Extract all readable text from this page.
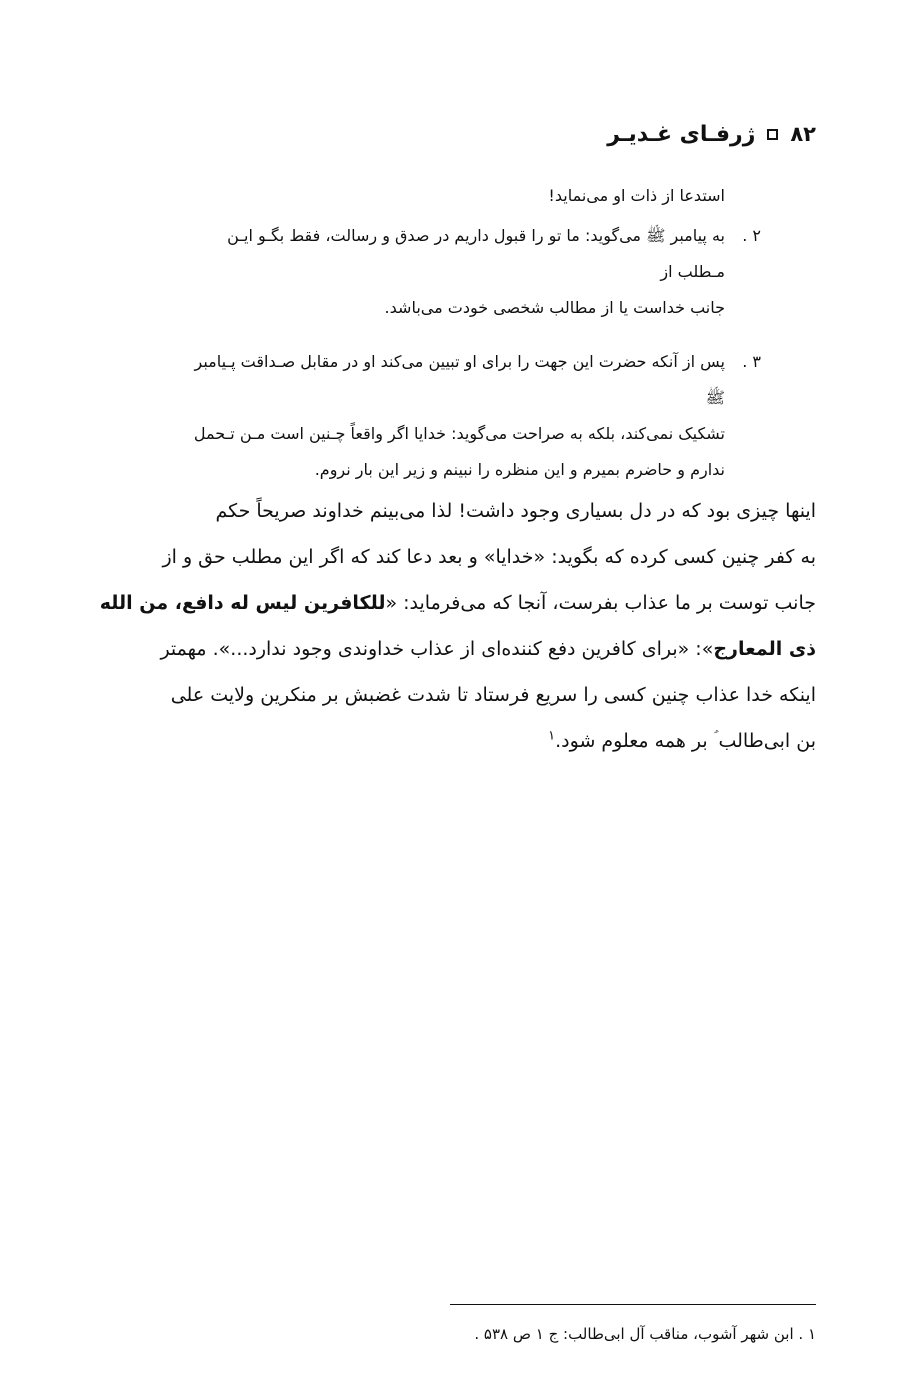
۸۲
ژرفـای غـدیـر

استدعا از ذات او می‌نماید!

۲ .
به پیامبر ﷺ می‌گوید: ما تو را قبول داریم در صدق و رسالت، فقط بگـو ایـن مـطلب از
جانب خداست یا از مطالب شخصی خودت می‌باشد.
۳ .
پس از آنکه حضرت این جهت را برای او تبیین می‌کند او در مقابل صـداقت پـیامبر ﷺ
تشکیک نمی‌کند، بلکه به صراحت می‌گوید: خدایا اگر واقعاً چـنین است مـن تـحمل
ندارم و حاضرم بمیرم و این منظره را نبینم و زیر این بار نروم.

اینها چیزی بود که در دل بسیاری وجود داشت! لذا می‌بینم خداوند صریحاً حکم

به کفر چنین کسی کرده که بگوید: «خدایا» و بعد دعا کند که اگر این مطلب حق و از

جانب توست بر ما عذاب بفرست، آنجا که می‌فرماید: «للکافرین لیس له دافع، من الله

ذی المعارج»: «برای کافرین دفع کننده‌ای از عذاب خداوندی وجود ندارد...». مهمتر

اینکه خدا عذاب چنین کسی را سریع فرستاد تا شدت غضبش بر منکرین ولایت علی

بن ابی‌طالب ؑ بر همه معلوم شود.$^۱$

۱ . ابن شهر آشوب، مناقب آل ابی‌طالب: ج ۱ ص ۵۳۸ .
